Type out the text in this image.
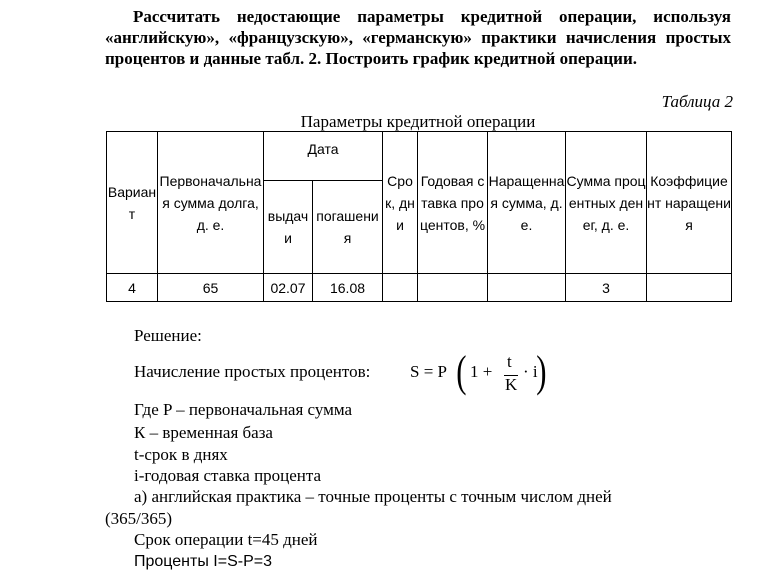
Рассчитать недостающие параметры кредитной операции, используя «английскую», «французскую», «германскую» практики начисления простых процентов и данные табл. 2. Построить график кредитной операции.
Таблица 2
Параметры кредитной операции
Вариант	Первоначальная сумма долга, д. е.	Дата		Срок, дни	Годовая ставка процентов, %	Наращенная сумма, д. е.	Сумма процентных денег, д. е.	Коэффициент наращения
		выдачи	погашения					
4	65	02.07	16.08				3	
Решение:
Начисление простых процентов: S = P ( 1 +
t
K
· i
)
Где P – первоначальная сумма
К – временная база
t-срок в днях
i-годовая ставка процента
а) английская практика – точные проценты с точным числом дней
(365/365)
Срок операции t=45 дней
Проценты I=S-P=3
